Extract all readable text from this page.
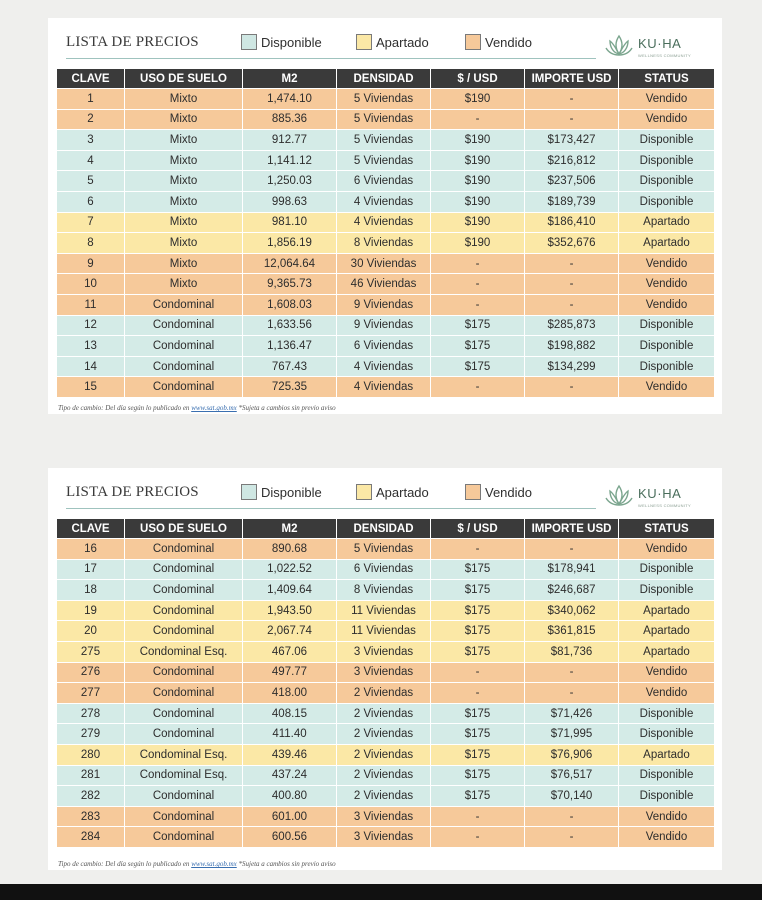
LISTA DE PRECIOS	Disponible	Apartado	Vendido	KU·HA
WELLNESS COMMUNITY
CLAVE	USO DE SUELO	M2	DENSIDAD	$ / USD	IMPORTE USD	STATUS
1	Mixto	1,474.10	5 Viviendas	$190	-	Vendido
2	Mixto	885.36	5 Viviendas	-	-	Vendido
3	Mixto	912.77	5 Viviendas	$190	$173,427	Disponible
4	Mixto	1,141.12	5 Viviendas	$190	$216,812	Disponible
5	Mixto	1,250.03	6 Viviendas	$190	$237,506	Disponible
6	Mixto	998.63	4 Viviendas	$190	$189,739	Disponible
7	Mixto	981.10	4 Viviendas	$190	$186,410	Apartado
8	Mixto	1,856.19	8 Viviendas	$190	$352,676	Apartado
9	Mixto	12,064.64	30 Viviendas	-	-	Vendido
10	Mixto	9,365.73	46 Viviendas	-	-	Vendido
11	Condominal	1,608.03	9 Viviendas	-	-	Vendido
12	Condominal	1,633.56	9 Viviendas	$175	$285,873	Disponible
13	Condominal	1,136.47	6 Viviendas	$175	$198,882	Disponible
14	Condominal	767.43	4 Viviendas	$175	$134,299	Disponible
15	Condominal	725.35	4 Viviendas	-	-	Vendido
Tipo de cambio: Del día según lo publicado en www.sat.gob.mx *Sujeta a cambios sin previo aviso
LISTA DE PRECIOS	Disponible	Apartado	Vendido	KU·HA
WELLNESS COMMUNITY
CLAVE	USO DE SUELO	M2	DENSIDAD	$ / USD	IMPORTE USD	STATUS
16	Condominal	890.68	5 Viviendas	-	-	Vendido
17	Condominal	1,022.52	6 Viviendas	$175	$178,941	Disponible
18	Condominal	1,409.64	8 Viviendas	$175	$246,687	Disponible
19	Condominal	1,943.50	11 Viviendas	$175	$340,062	Apartado
20	Condominal	2,067.74	11 Viviendas	$175	$361,815	Apartado
275	Condominal Esq.	467.06	3 Viviendas	$175	$81,736	Apartado
276	Condominal	497.77	3 Viviendas	-	-	Vendido
277	Condominal	418.00	2 Viviendas	-	-	Vendido
278	Condominal	408.15	2 Viviendas	$175	$71,426	Disponible
279	Condominal	411.40	2 Viviendas	$175	$71,995	Disponible
280	Condominal Esq.	439.46	2 Viviendas	$175	$76,906	Apartado
281	Condominal Esq.	437.24	2 Viviendas	$175	$76,517	Disponible
282	Condominal	400.80	2 Viviendas	$175	$70,140	Disponible
283	Condominal	601.00	3 Viviendas	-	-	Vendido
284	Condominal	600.56	3 Viviendas	-	-	Vendido
Tipo de cambio: Del día según lo publicado en www.sat.gob.mx *Sujeta a cambios sin previo aviso
